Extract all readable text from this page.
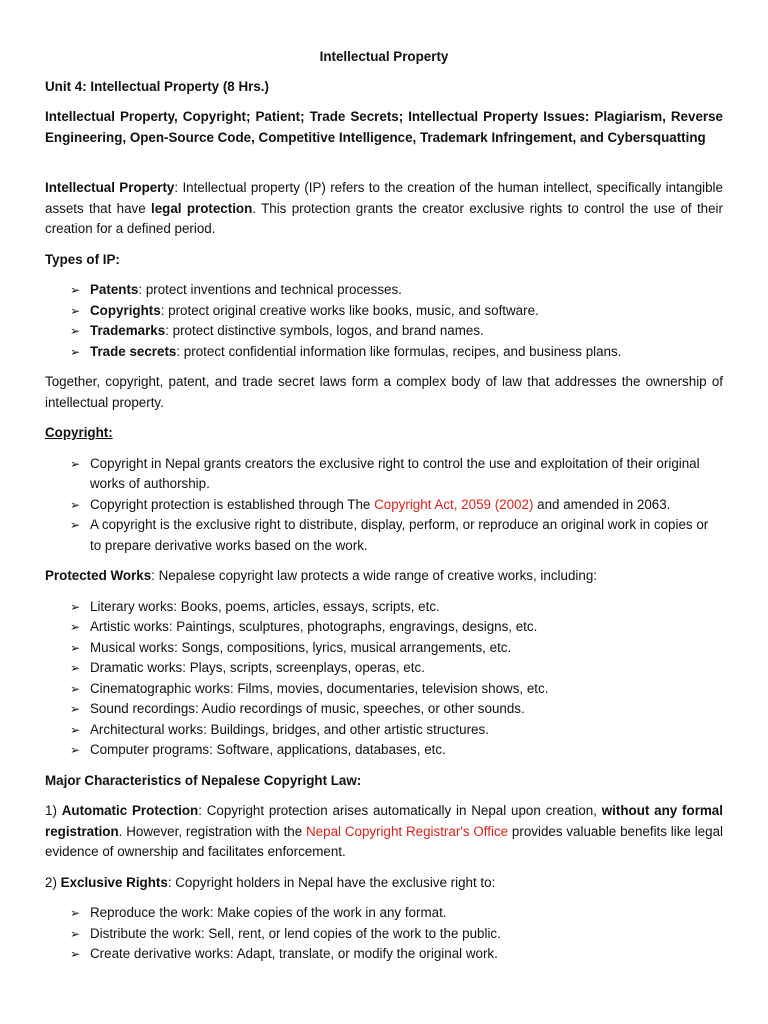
Intellectual Property
Unit 4: Intellectual Property (8 Hrs.)
Intellectual Property, Copyright; Patient; Trade Secrets; Intellectual Property Issues: Plagiarism, Reverse Engineering, Open-Source Code, Competitive Intelligence, Trademark Infringement, and Cybersquatting

Intellectual Property: Intellectual property (IP) refers to the creation of the human intellect, specifically intangible assets that have legal protection. This protection grants the creator exclusive rights to control the use of their creation for a defined period.

Types of IP:
➢ Patents: protect inventions and technical processes.
➢ Copyrights: protect original creative works like books, music, and software.
➢ Trademarks: protect distinctive symbols, logos, and brand names.
➢ Trade secrets: protect confidential information like formulas, recipes, and business plans.

Together, copyright, patent, and trade secret laws form a complex body of law that addresses the ownership of intellectual property.

Copyright:
➢ Copyright in Nepal grants creators the exclusive right to control the use and exploitation of their original works of authorship.
➢ Copyright protection is established through The Copyright Act, 2059 (2002) and amended in 2063.
➢ A copyright is the exclusive right to distribute, display, perform, or reproduce an original work in copies or to prepare derivative works based on the work.

Protected Works: Nepalese copyright law protects a wide range of creative works, including:

➢ Literary works: Books, poems, articles, essays, scripts, etc.
➢ Artistic works: Paintings, sculptures, photographs, engravings, designs, etc.
➢ Musical works: Songs, compositions, lyrics, musical arrangements, etc.
➢ Dramatic works: Plays, scripts, screenplays, operas, etc.
➢ Cinematographic works: Films, movies, documentaries, television shows, etc.
➢ Sound recordings: Audio recordings of music, speeches, or other sounds.
➢ Architectural works: Buildings, bridges, and other artistic structures.
➢ Computer programs: Software, applications, databases, etc.
Major Characteristics of Nepalese Copyright Law:

1) Automatic Protection: Copyright protection arises automatically in Nepal upon creation, without any formal registration. However, registration with the Nepal Copyright Registrar's Office provides valuable benefits like legal evidence of ownership and facilitates enforcement.

2) Exclusive Rights: Copyright holders in Nepal have the exclusive right to:

➢ Reproduce the work: Make copies of the work in any format.
➢ Distribute the work: Sell, rent, or lend copies of the work to the public.
➢ Create derivative works: Adapt, translate, or modify the original work.
